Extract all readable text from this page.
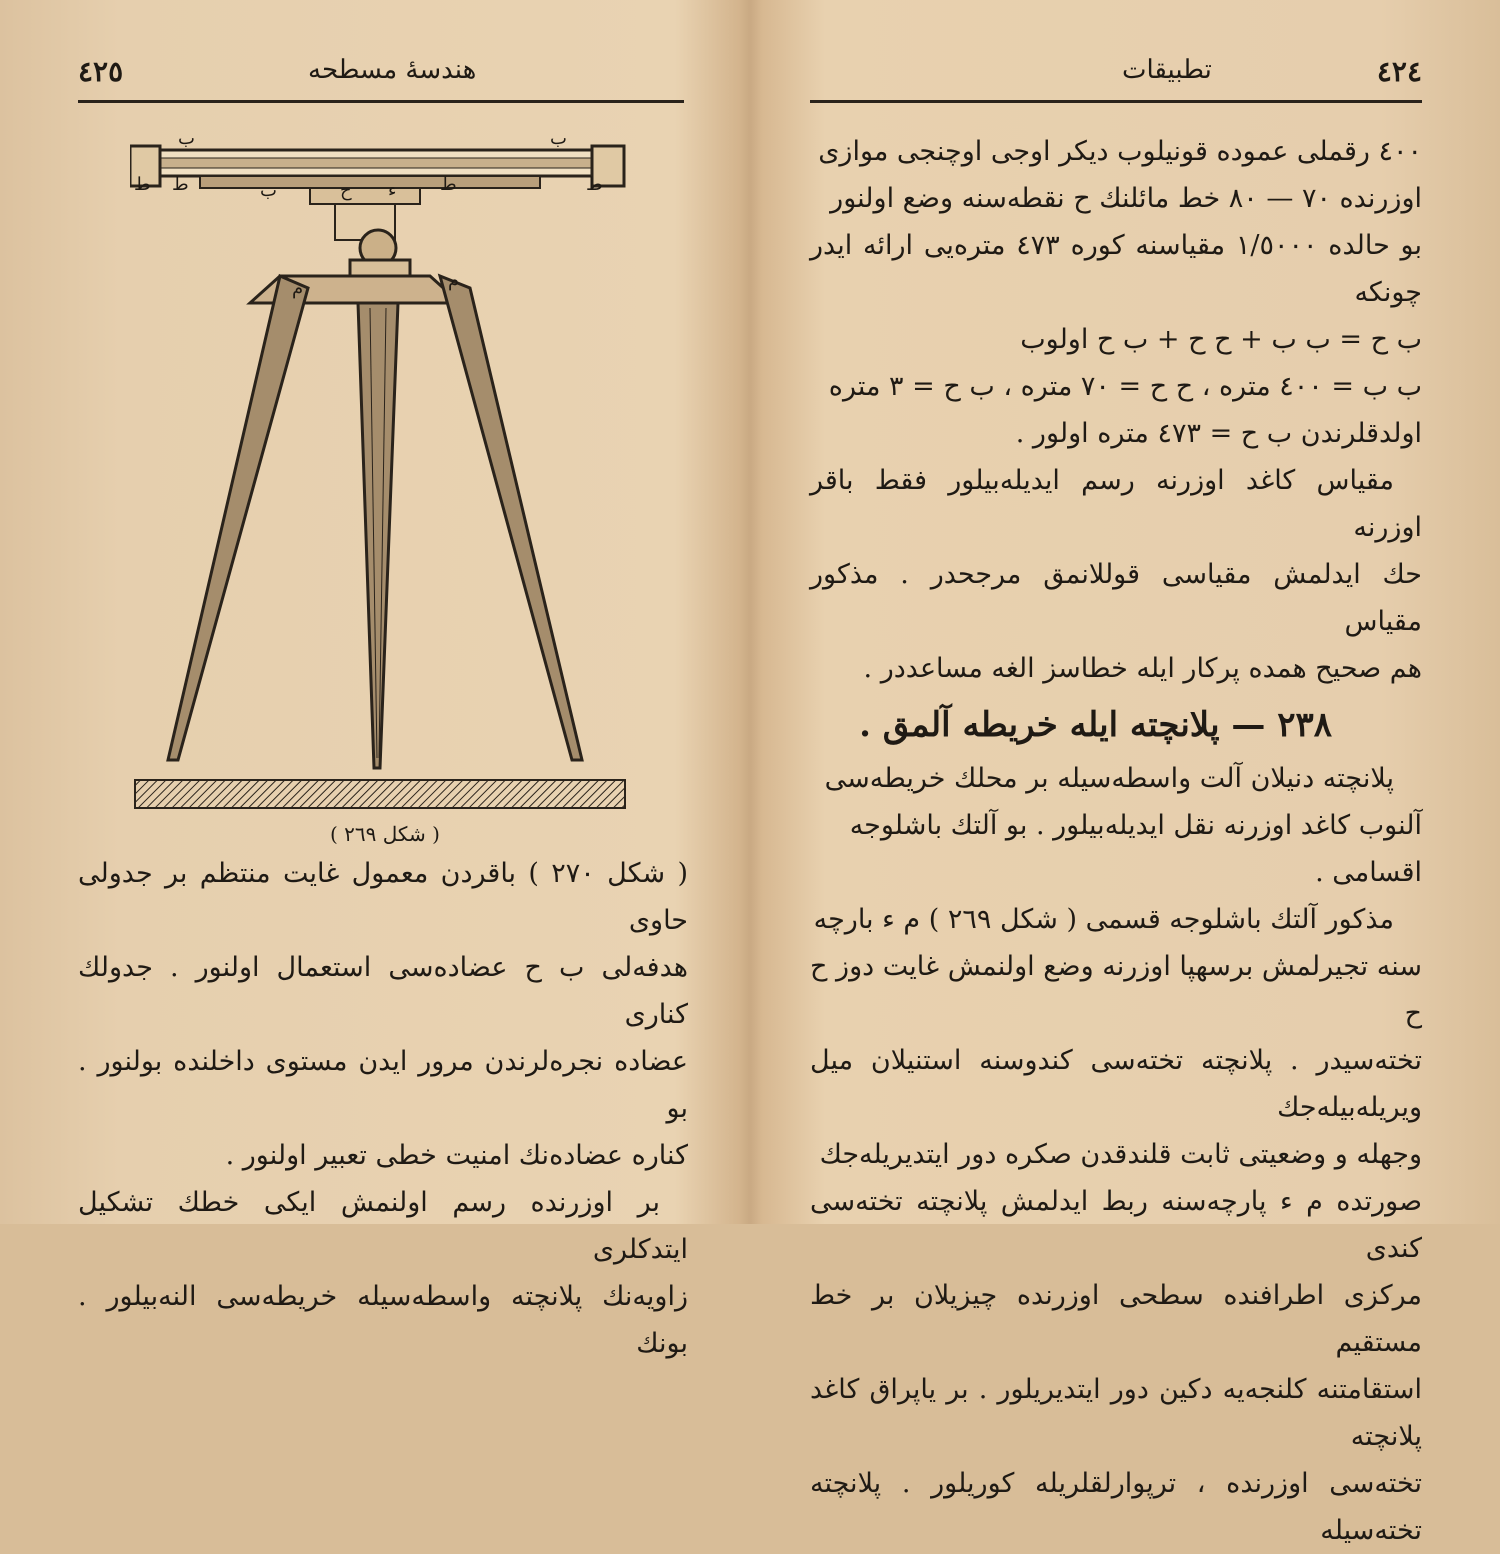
٤٢٥	هندسهٔ مسطحه
ب	ب
ط ط	ط	ط
ب	ح ء
م	م
( شكل ٢٦٩ )

( شكل ٢٧٠ ) باقردن معمول غايت منتظم بر جدولى حاوى

هدفه‌لى ب ح عضاده‌سى استعمال اولنور . جدولك كنارى

عضاده نجره‌لرندن مرور ايدن مستوى داخلنده بولنور . بو

كناره عضاده‌نك امنيت خطى تعبير اولنور .

بر اوزرنده رسم اولنمش ايكى خطك تشكيل ايتدكلرى

زاويه‌نك پلانچته واسطه‌سيله خريطه‌سى النه‌بيلور . بونك

٤٢٤
تطبيقات

٤٠٠ رقملى عموده قونيلوب ديكر اوجى اوچنجى موازى

اوزرنده ٧٠ — ٨٠ خط مائلنك ح نقطه‌سنه وضع اولنور

بو حالده ١/٥٠٠٠ مقياسنه كوره ٤٧٣ متره‌يى ارائه ايدر چونكه

ب ح = ب ب + ح ح + ب ح اولوب

ب ب = ٤٠٠ متره ، ح ح = ٧٠ متره ، ب ح = ٣ متره

اولدقلرندن ب ح = ٤٧٣ متره اولور .

مقياس كاغد اوزرنه رسم ايديله‌بيلور فقط باقر اوزرنه

حك ايدلمش مقياسى قوللانمق مرجحدر . مذكور مقياس

هم صحيح همده پركار ايله خطاسز الغه مساعددر .

٢٣٨ — پلانچته ايله خريطه آلمق .

پلانچته دنيلان آلت واسطه‌سيله بر محلك خريطه‌سى

آلنوب كاغد اوزرنه نقل ايديله‌بيلور . بو آلتك باشلوجه

اقسامى .

مذكور آلتك باشلوجه قسمى ( شكل ٢٦٩ ) م ء بارچه‌

سنه تجيرلمش برسهپا اوزرنه وضع اولنمش غايت دوز ح ح

تخته‌سيدر . پلانچته تخته‌سى كندوسنه استنيلان ميل ويريله‌بيله‌جك

وجهله و وضعيتى ثابت قلندقدن صكره دور ايتديريله‌جك

صورتده م ء پارچه‌سنه ربط ايدلمش پلانچته تخته‌سى كندى

مركزى اطرافنده سطحى اوزرنده چيزيلان بر خط مستقيم

استقامتنه كلنجه‌يه دكين دور ايتديريلور . بر ياپراق كاغد پلانچته

تخته‌سى اوزرنده ، ترپوارلقلريله كوريلور . پلانچته تخته‌سيله
